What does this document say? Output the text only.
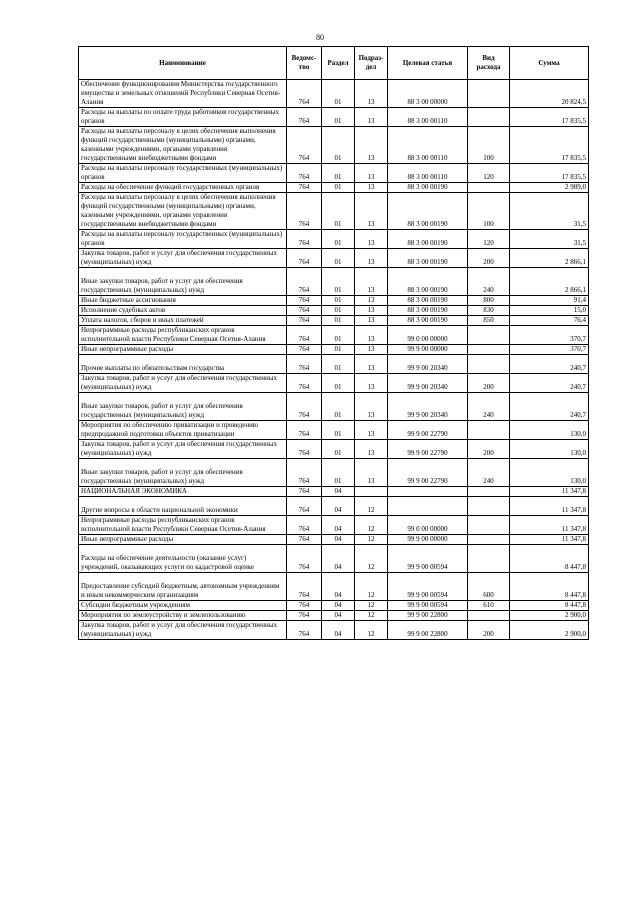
80
Наименование	Ведомс-тво	Раздел	Подраз-дел	Целевая статья	Вид расхода	Сумма
Обеспечение функционирования Министерства государственного имущества и земельных отношений Республики Северная Осетия-Алания	764	01	13	88 3 00 00000		20 824,5
Расходы на выплаты по оплате труда работников государственных органов	764	01	13	88 3 00 00110		17 835,5
Расходы на выплаты персоналу в целях обеспечения выполнения функций государственными (муниципальными) органами, казенными учреждениями, органами управления государственными внебюджетными фондами	764	01	13	88 3 00 00110	100	17 835,5
Расходы на выплаты персоналу государственных (муниципальных) органов	764	01	13	88 3 00 00110	120	17 835,5
Расходы на обеспечение функций государственных органов	764	01	13	88 3 00 00190		2 989,0
Расходы на выплаты персоналу в целях обеспечения выполнения функций государственными (муниципальными) органами, казенными учреждениями, органами управления государственными внебюджетными фондами	764	01	13	88 3 00 00190	100	31,5
Расходы на выплаты персоналу государственных (муниципальных) органов	764	01	13	88 3 00 00190	120	31,5
Закупка товаров, работ и услуг для обеспечения государственных (муниципальных) нужд	764	01	13	88 3 00 00190	200	2 866,1
Иные закупки товаров, работ и услуг для обеспечения государственных (муниципальных) нужд	764	01	13	88 3 00 00190	240	2 866,1
Иные бюджетные ассигнования	764	01	13	88 3 00 00190	800	91,4
Исполнение судебных актов	764	01	13	88 3 00 00190	830	15,0
Уплата налогов, сборов и иных платежей	764	01	13	88 3 00 00190	850	76,4
Непрограммные расходы республиканских органов исполнительной власти Республики Северная Осетия-Алания	764	01	13	99 0 00 00000		370,7
Иные непрограммные расходы	764	01	13	99 9 00 00000		370,7
Прочие выплаты по обязательствам государства	764	01	13	99 9 00 20340		240,7
Закупка товаров, работ и услуг для обеспечения государственных (муниципальных) нужд	764	01	13	99 9 00 20340	200	240,7
Иные закупки товаров, работ и услуг для обеспечения государственных (муниципальных) нужд	764	01	13	99 9 00 20340	240	240,7
Мероприятия по обеспечению приватизации и проведению предпродажной подготовки объектов приватизации	764	01	13	99 9 00 22790		130,0
Закупка товаров, работ и услуг для обеспечения государственных (муниципальных) нужд	764	01	13	99 9 00 22790	200	130,0
Иные закупки товаров, работ и услуг для обеспечения государственных (муниципальных) нужд	764	01	13	99 9 00 22790	240	130,0
НАЦИОНАЛЬНАЯ ЭКОНОМИКА	764	04				11 347,8
Другие вопросы в области национальной экономики	764	04	12			11 347,8
Непрограммные расходы республиканских органов исполнительной власти Республики Северная Осетия-Алания	764	04	12	99 0 00 00000		11 347,8
Иные непрограммные расходы	764	04	12	99 9 00 00000		11 347,8
Расходы на обеспечение деятельности (оказание услуг) учреждений, оказывающих услуги по кадастровой оценке	764	04	12	99 9 00 00594		8 447,8
Предоставление субсидий бюджетным, автономным учреждениям и иным некоммерческим организациям	764	04	12	99 9 00 00594	600	8 447,8
Субсидии бюджетным учреждениям	764	04	12	99 9 00 00594	610	8 447,8
Мероприятия по землеустройству и землепользованию	764	04	12	99 9 00 22800		2 900,0
Закупка товаров, работ и услуг для обеспечения государственных (муниципальных) нужд	764	04	12	99 9 00 22800	200	2 900,0
